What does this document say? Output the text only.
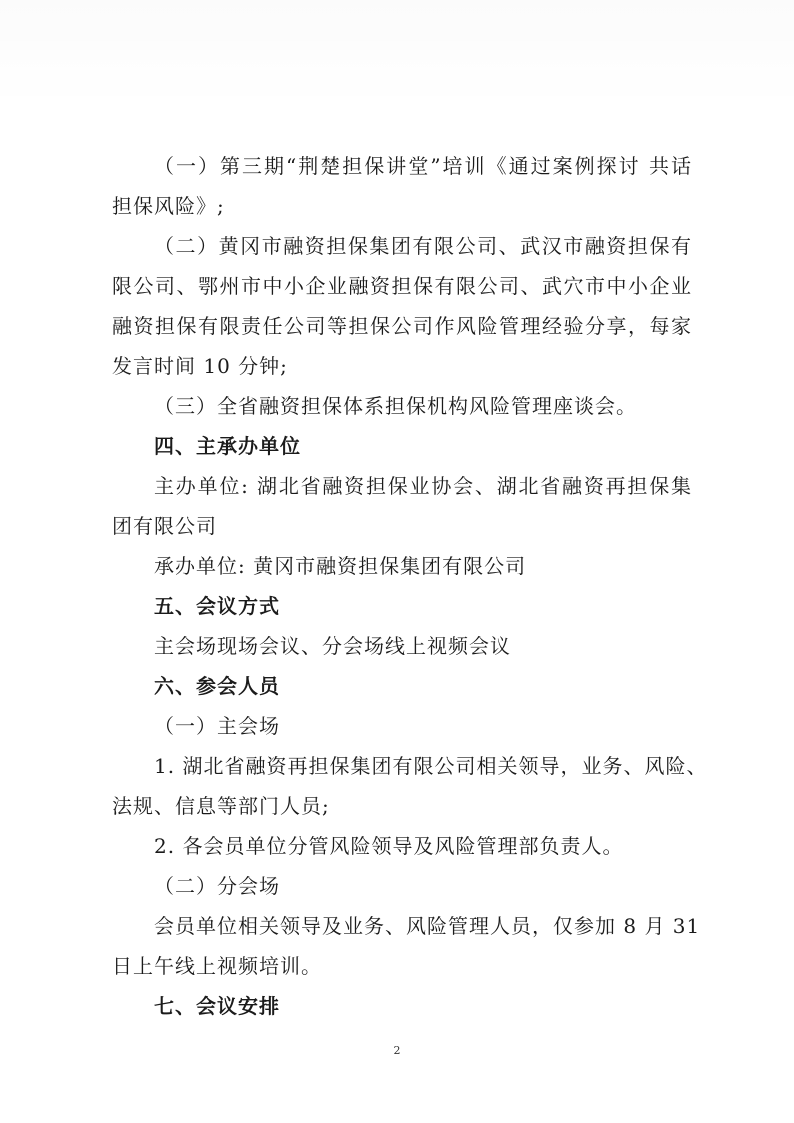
（一）第三期“荆楚担保讲堂”培训《通过案例探讨 共话
担保风险》;
（二）黄冈市融资担保集团有限公司、武汉市融资担保有
限公司、鄂州市中小企业融资担保有限公司、武穴市中小企业
融资担保有限责任公司等担保公司作风险管理经验分享，每家
发言时间 10 分钟;
（三）全省融资担保体系担保机构风险管理座谈会。
四、主承办单位
主办单位: 湖北省融资担保业协会、湖北省融资再担保集
团有限公司
承办单位: 黄冈市融资担保集团有限公司
五、会议方式
主会场现场会议、分会场线上视频会议
六、参会人员
（一）主会场
1. 湖北省融资再担保集团有限公司相关领导，业务、风险、
法规、信息等部门人员;
2. 各会员单位分管风险领导及风险管理部负责人。
（二）分会场
会员单位相关领导及业务、风险管理人员，仅参加 8 月 31
日上午线上视频培训。
七、会议安排
2
